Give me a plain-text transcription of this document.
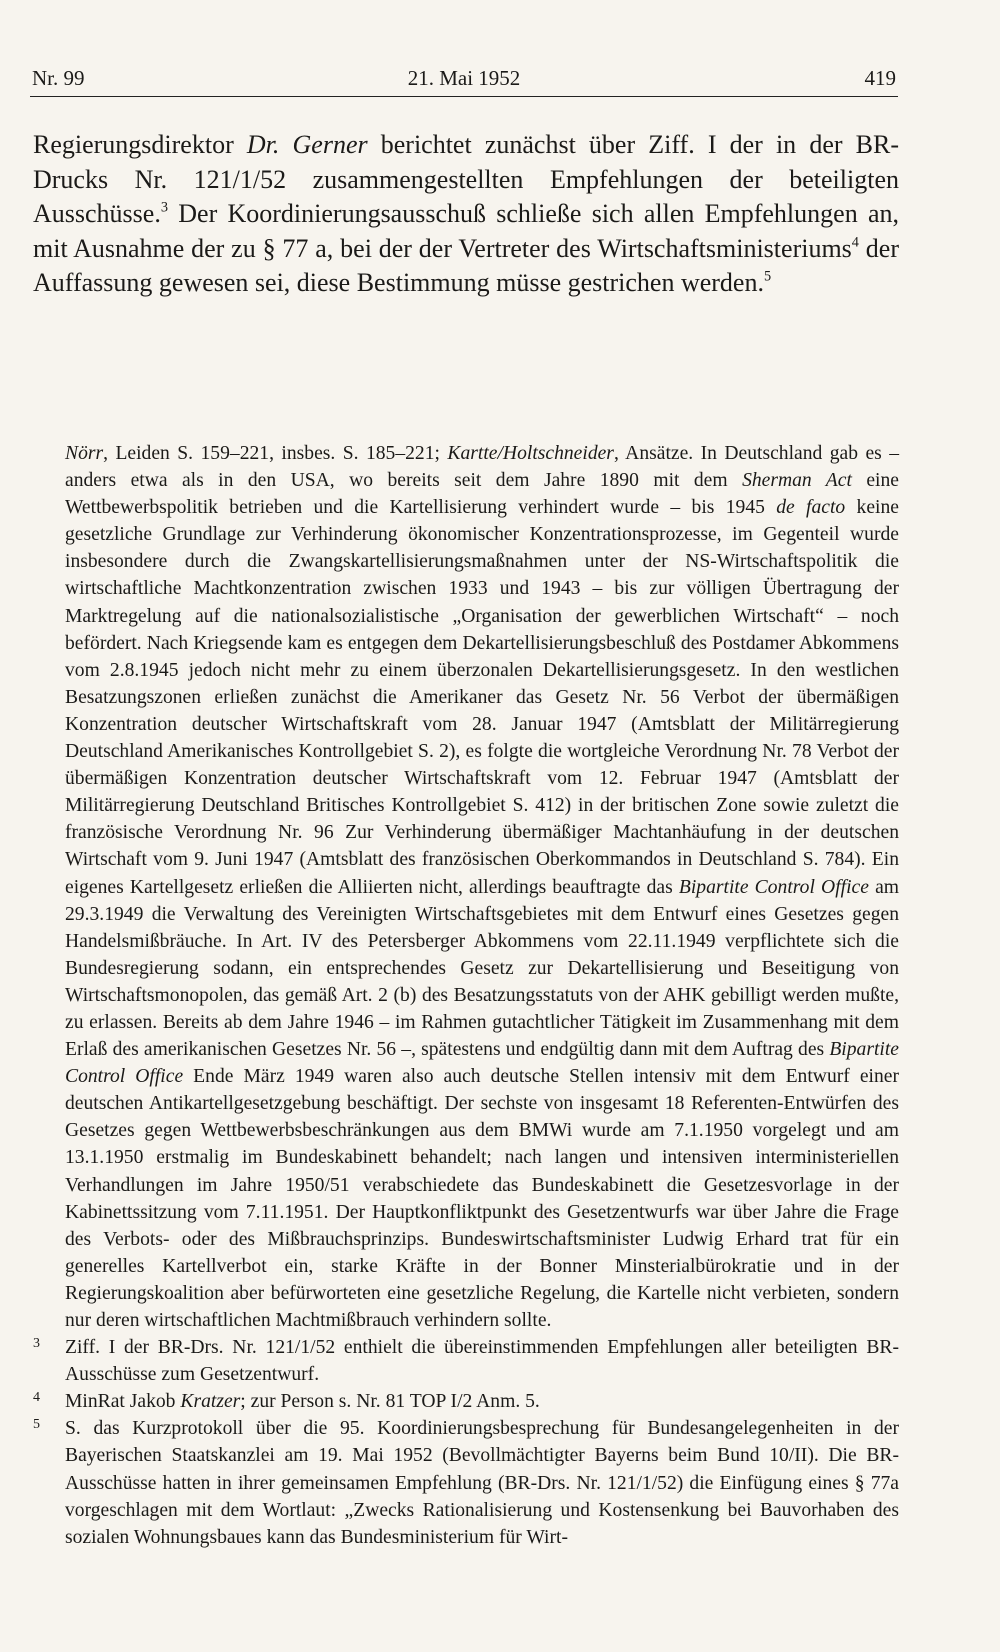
Nr. 99	21. Mai 1952	419

Regierungsdirektor Dr. Gerner berichtet zunächst über Ziff. I der in der BR-Drucks Nr. 121/1/52 zusammengestellten Empfehlungen der beteiligten Ausschüsse.$^3$ Der Koordinierungsausschuß schließe sich allen Empfehlungen an, mit Ausnahme der zu § 77 a, bei der der Vertreter des Wirtschaftsministeriums$^4$ der Auffassung gewesen sei, diese Bestimmung müsse gestrichen werden.$^5$

Nörr, Leiden S. 159–221, insbes. S. 185–221; Kartte/Holtschneider, Ansätze. In Deutschland gab es – anders etwa als in den USA, wo bereits seit dem Jahre 1890 mit dem Sherman Act eine Wettbewerbspolitik betrieben und die Kartellisierung verhindert wurde – bis 1945 de facto keine gesetzliche Grundlage zur Verhinderung ökonomischer Konzentrationsprozesse, im Gegenteil wurde insbesondere durch die Zwangskartellisierungsmaßnahmen unter der NS-Wirtschaftspolitik die wirtschaftliche Machtkonzentration zwischen 1933 und 1943 – bis zur völligen Übertragung der Marktregelung auf die nationalsozialistische „Organisation der gewerblichen Wirtschaft“ – noch befördert. Nach Kriegsende kam es entgegen dem Dekartellisierungsbeschluß des Postdamer Abkommens vom 2.8.1945 jedoch nicht mehr zu einem überzonalen Dekartellisierungsgesetz. In den westlichen Besatzungszonen erließen zunächst die Amerikaner das Gesetz Nr. 56 Verbot der übermäßigen Konzentration deutscher Wirtschaftskraft vom 28. Januar 1947 (Amtsblatt der Militärregierung Deutschland Amerikanisches Kontrollgebiet S. 2), es folgte die wortgleiche Verordnung Nr. 78 Verbot der übermäßigen Konzentration deutscher Wirtschaftskraft vom 12. Februar 1947 (Amtsblatt der Militärregierung Deutschland Britisches Kontrollgebiet S. 412) in der britischen Zone sowie zuletzt die französische Verordnung Nr. 96 Zur Verhinderung übermäßiger Machtanhäufung in der deutschen Wirtschaft vom 9. Juni 1947 (Amtsblatt des französischen Oberkommandos in Deutschland S. 784). Ein eigenes Kartellgesetz erließen die Alliierten nicht, allerdings beauftragte das Bipartite Control Office am 29.3.1949 die Verwaltung des Vereinigten Wirtschaftsgebietes mit dem Entwurf eines Gesetzes gegen Handelsmißbräuche. In Art. IV des Petersberger Abkommens vom 22.11.1949 verpflichtete sich die Bundesregierung sodann, ein entsprechendes Gesetz zur Dekartellisierung und Beseitigung von Wirtschaftsmonopolen, das gemäß Art. 2 (b) des Besatzungsstatuts von der AHK gebilligt werden mußte, zu erlassen. Bereits ab dem Jahre 1946 – im Rahmen gutachtlicher Tätigkeit im Zusammenhang mit dem Erlaß des amerikanischen Gesetzes Nr. 56 –, spätestens und endgültig dann mit dem Auftrag des Bipartite Control Office Ende März 1949 waren also auch deutsche Stellen intensiv mit dem Entwurf einer deutschen Antikartellgesetzgebung beschäftigt. Der sechste von insgesamt 18 Referenten-Entwürfen des Gesetzes gegen Wettbewerbsbeschränkungen aus dem BMWi wurde am 7.1.1950 vorgelegt und am 13.1.1950 erstmalig im Bundeskabinett behandelt; nach langen und intensiven interministeriellen Verhandlungen im Jahre 1950/51 verabschiedete das Bundeskabinett die Gesetzesvorlage in der Kabinettssitzung vom 7.11.1951. Der Hauptkonfliktpunkt des Gesetzentwurfs war über Jahre die Frage des Verbots- oder des Mißbrauchsprinzips. Bundeswirtschaftsminister Ludwig Erhard trat für ein generelles Kartellverbot ein, starke Kräfte in der Bonner Minsterialbürokratie und in der Regierungskoalition aber befürworteten eine gesetzliche Regelung, die Kartelle nicht verbieten, sondern nur deren wirtschaftlichen Machtmißbrauch verhindern sollte.

3 Ziff. I der BR-Drs. Nr. 121/1/52 enthielt die übereinstimmenden Empfehlungen aller beteiligten BR-Ausschüsse zum Gesetzentwurf.

4 MinRat Jakob Kratzer; zur Person s. Nr. 81 TOP I/2 Anm. 5.

5 S. das Kurzprotokoll über die 95. Koordinierungsbesprechung für Bundesangelegenheiten in der Bayerischen Staatskanzlei am 19. Mai 1952 (Bevollmächtigter Bayerns beim Bund 10/II). Die BR-Ausschüsse hatten in ihrer gemeinsamen Empfehlung (BR-Drs. Nr. 121/1/52) die Einfügung eines § 77a vorgeschlagen mit dem Wortlaut: „Zwecks Rationalisierung und Kostensenkung bei Bauvorhaben des sozialen Wohnungsbaues kann das Bundesministerium für Wirt-
